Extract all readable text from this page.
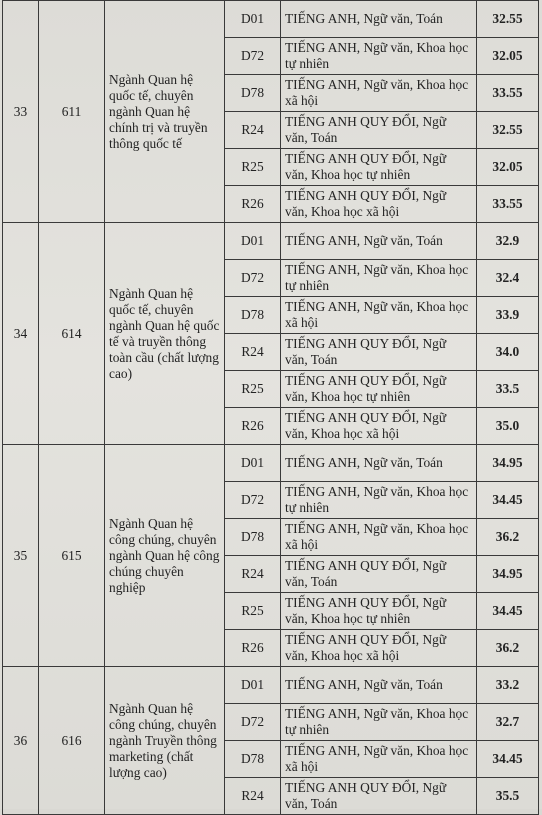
33	611	Ngành Quan hệ quốc tế, chuyên ngành Quan hệ chính trị và truyền thông quốc tế	D01	TIẾNG ANH, Ngữ văn, Toán	32.55
			D72	TIẾNG ANH, Ngữ văn, Khoa học tự nhiên	32.05
			D78	TIẾNG ANH, Ngữ văn, Khoa học xã hội	33.55
			R24	TIẾNG ANH QUY ĐỔI, Ngữ văn, Toán	32.55
			R25	TIẾNG ANH QUY ĐỔI, Ngữ văn, Khoa học tự nhiên	32.05
			R26	TIẾNG ANH QUY ĐỔI, Ngữ văn, Khoa học xã hội	33.55
34	614	Ngành Quan hệ quốc tế, chuyên ngành Quan hệ quốc tế và truyền thông toàn cầu (chất lượng cao)	D01	TIẾNG ANH, Ngữ văn, Toán	32.9
			D72	TIẾNG ANH, Ngữ văn, Khoa học tự nhiên	32.4
			D78	TIẾNG ANH, Ngữ văn, Khoa học xã hội	33.9
			R24	TIẾNG ANH QUY ĐỔI, Ngữ văn, Toán	34.0
			R25	TIẾNG ANH QUY ĐỔI, Ngữ văn, Khoa học tự nhiên	33.5
			R26	TIẾNG ANH QUY ĐỔI, Ngữ văn, Khoa học xã hội	35.0
35	615	Ngành Quan hệ công chúng, chuyên ngành Quan hệ công chúng chuyên nghiệp	D01	TIẾNG ANH, Ngữ văn, Toán	34.95
			D72	TIẾNG ANH, Ngữ văn, Khoa học tự nhiên	34.45
			D78	TIẾNG ANH, Ngữ văn, Khoa học xã hội	36.2
			R24	TIẾNG ANH QUY ĐỔI, Ngữ văn, Toán	34.95
			R25	TIẾNG ANH QUY ĐỔI, Ngữ văn, Khoa học tự nhiên	34.45
			R26	TIẾNG ANH QUY ĐỔI, Ngữ văn, Khoa học xã hội	36.2
36	616	Ngành Quan hệ công chúng, chuyên ngành Truyền thông marketing (chất lượng cao)	D01	TIẾNG ANH, Ngữ văn, Toán	33.2
			D72	TIẾNG ANH, Ngữ văn, Khoa học tự nhiên	32.7
			D78	TIẾNG ANH, Ngữ văn, Khoa học xã hội	34.45
			R24	TIẾNG ANH QUY ĐỔI, Ngữ văn, Toán	35.5
